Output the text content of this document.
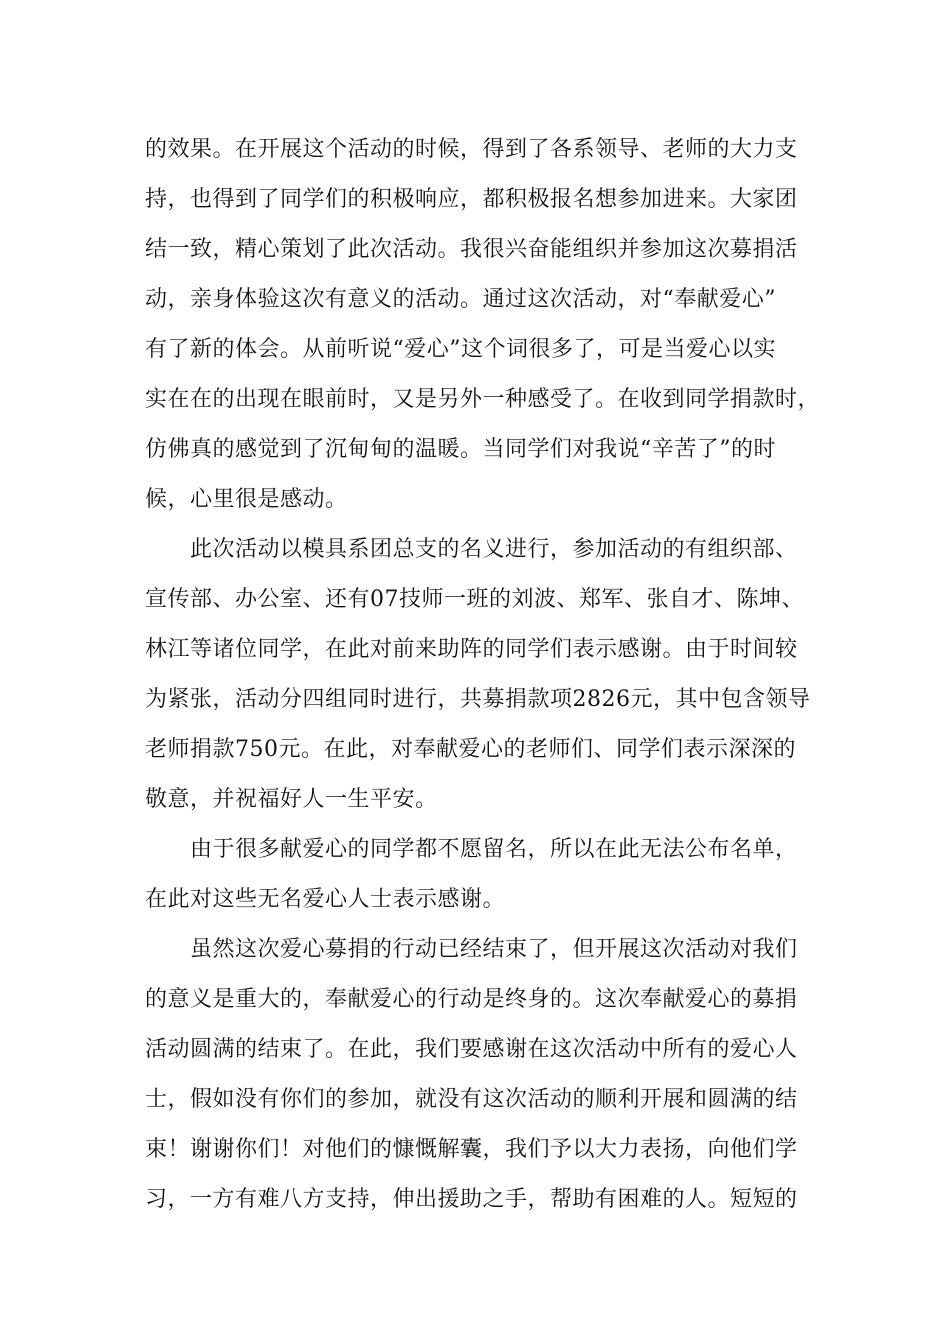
的效果。在开展这个活动的时候，得到了各系领导、老师的大力支
持，也得到了同学们的积极响应，都积极报名想参加进来。大家团
结一致，精心策划了此次活动。我很兴奋能组织并参加这次募捐活
动，亲身体验这次有意义的活动。通过这次活动，对“奉献爱心”
有了新的体会。从前听说“爱心”这个词很多了，可是当爱心以实
实在在的出现在眼前时，又是另外一种感受了。在收到同学捐款时，
仿佛真的感觉到了沉甸甸的温暖。当同学们对我说“辛苦了”的时
候，心里很是感动。
此次活动以模具系团总支的名义进行，参加活动的有组织部、
宣传部、办公室、还有07技师一班的刘波、郑军、张自才、陈坤、
林江等诸位同学，在此对前来助阵的同学们表示感谢。由于时间较
为紧张，活动分四组同时进行，共募捐款项2826元，其中包含领导
老师捐款750元。在此，对奉献爱心的老师们、同学们表示深深的
敬意，并祝福好人一生平安。
由于很多献爱心的同学都不愿留名，所以在此无法公布名单，
在此对这些无名爱心人士表示感谢。
虽然这次爱心募捐的行动已经结束了，但开展这次活动对我们
的意义是重大的，奉献爱心的行动是终身的。这次奉献爱心的募捐
活动圆满的结束了。在此，我们要感谢在这次活动中所有的爱心人
士，假如没有你们的参加，就没有这次活动的顺利开展和圆满的结
束！谢谢你们！对他们的慷慨解囊，我们予以大力表扬，向他们学
习，一方有难八方支持，伸出援助之手，帮助有困难的人。短短的
